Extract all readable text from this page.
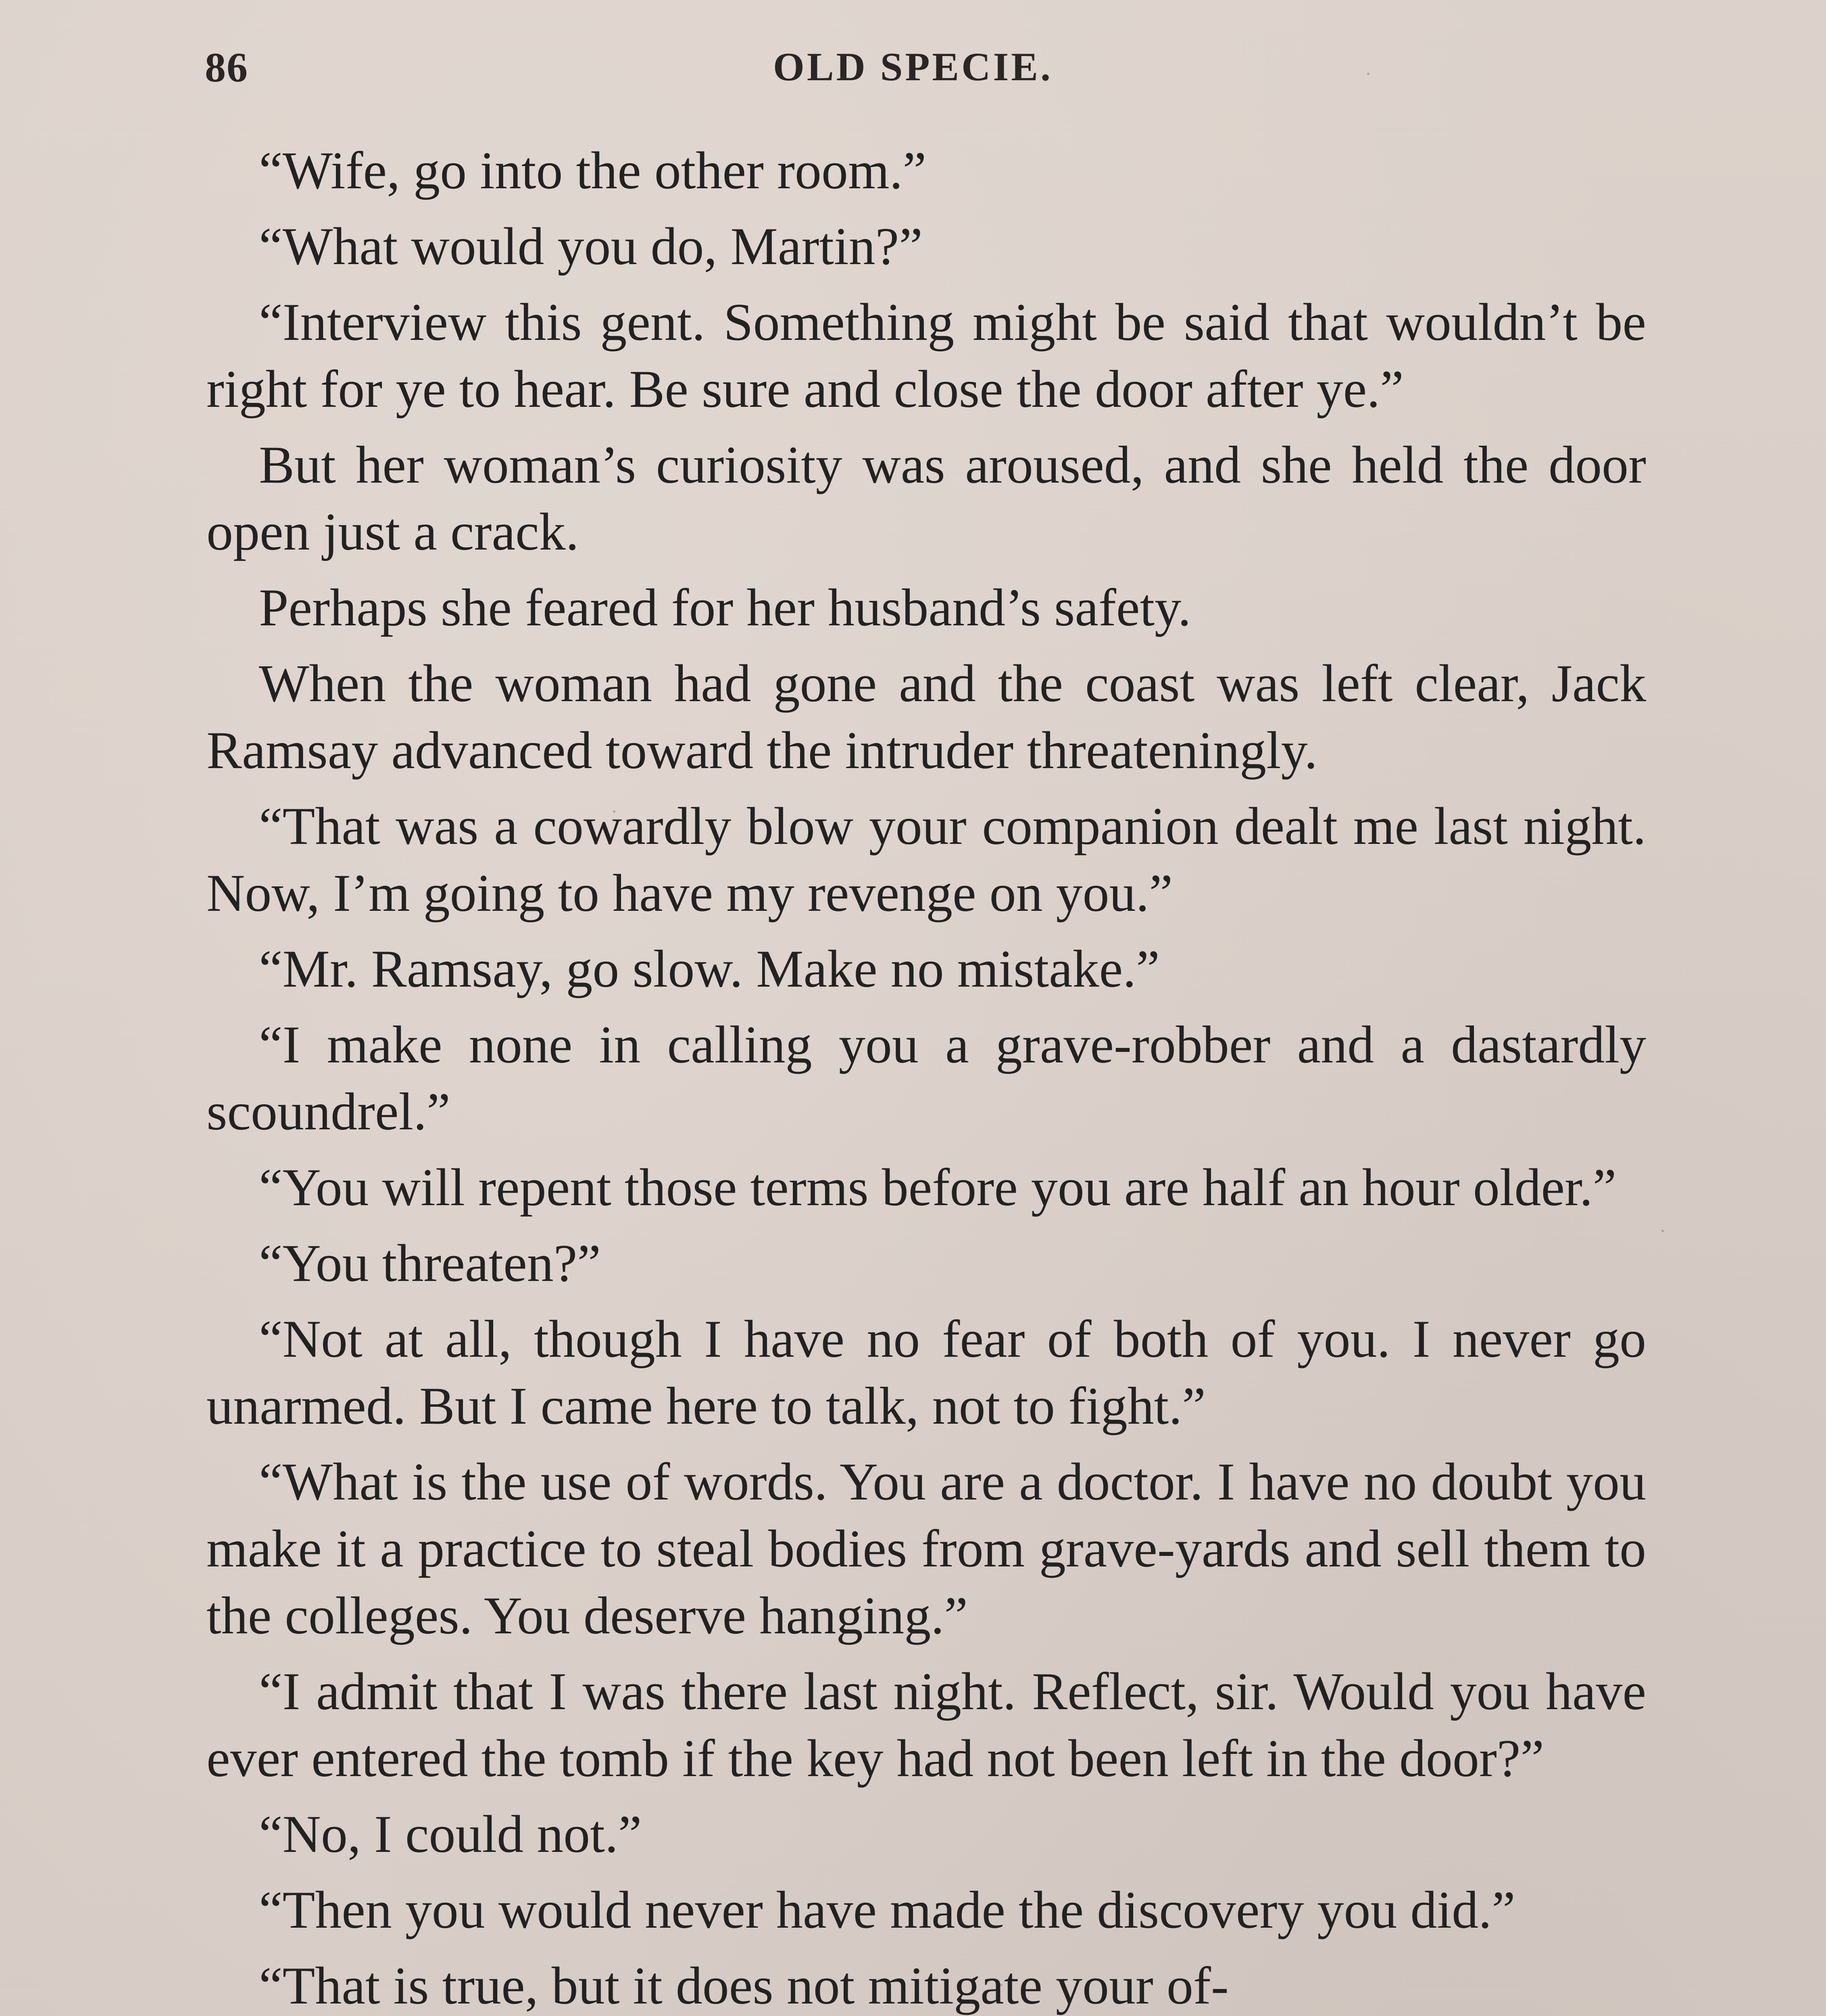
86	OLD SPECIE.

“Wife, go into the other room.”

“What would you do, Martin?”

“Interview this gent. Something might be said that wouldn’t be right for ye to hear. Be sure and close the door after ye.”

But her woman’s curiosity was aroused, and she held the door open just a crack.

Perhaps she feared for her husband’s safety.

When the woman had gone and the coast was left clear, Jack Ramsay advanced toward the intruder threateningly.

“That was a cowardly blow your companion dealt me last night. Now, I’m going to have my revenge on you.”

“Mr. Ramsay, go slow. Make no mistake.”

“I make none in calling you a grave-robber and a dastardly scoundrel.”

“You will repent those terms before you are half an hour older.”

“You threaten?”

“Not at all, though I have no fear of both of you. I never go unarmed. But I came here to talk, not to fight.”

“What is the use of words. You are a doctor. I have no doubt you make it a practice to steal bodies from grave-yards and sell them to the colleges. You deserve hanging.”

“I admit that I was there last night. Reflect, sir. Would you have ever entered the tomb if the key had not been left in the door?”

“No, I could not.”

“Then you would never have made the discovery you did.”

“That is true, but it does not mitigate your of-
